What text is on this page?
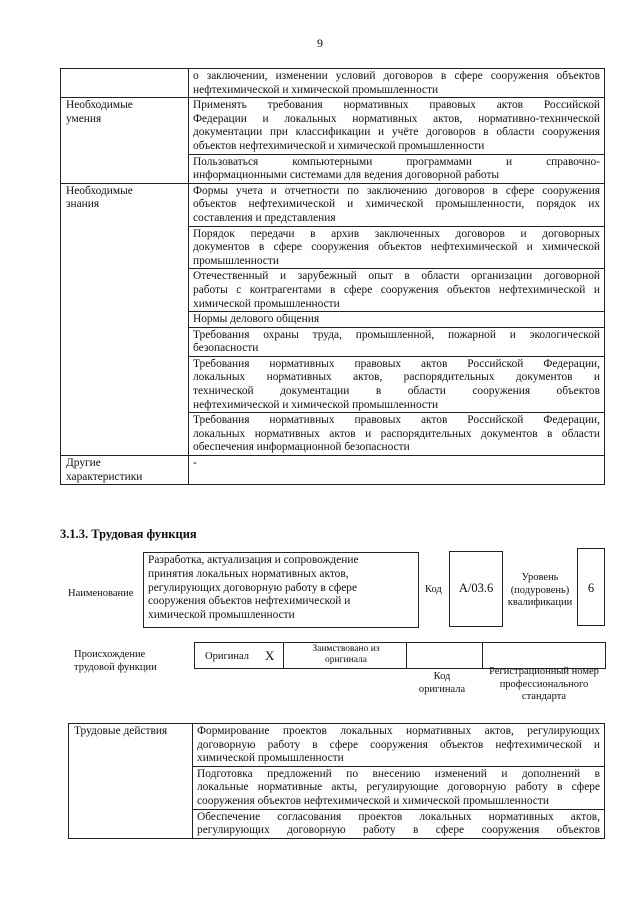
9

	о заключении, изменении условий договоров в сфере сооружения объектов
нефтехимической и химической промышленности

Необходимые
умения	Применять требования нормативных правовых актов Российской
Федерации и локальных нормативных актов, нормативно-технической
документации при классификации и учёте договоров в области сооружения
объектов нефтехимической и химической промышленности

	Пользоваться компьютерными программами и справочно-
информационными системами для ведения договорной работы

Необходимые
знания	Формы учета и отчетности по заключению договоров в сфере сооружения
объектов нефтехимической и химической промышленности, порядок их
составления и представления

	Порядок передачи в архив заключенных договоров и договорных
документов в сфере сооружения объектов нефтехимической и химической
промышленности

	Отечественный и зарубежный опыт в области организации договорной
работы с контрагентами в сфере сооружения объектов нефтехимической и
химической промышленности

	Нормы делового общения

	Требования охраны труда, промышленной, пожарной и экологической
безопасности

	Требования нормативных правовых актов Российской Федерации,
локальных нормативных актов, распорядительных документов и
технической документации в области сооружения объектов
нефтехимической и химической промышленности

	Требования нормативных правовых актов Российской Федерации,
локальных нормативных актов и распорядительных документов в области
обеспечения информационной безопасности

Другие
характеристики	-
3.1.3. Трудовая функция
Наименование
Разработка, актуализация и сопровождение
принятия локальных нормативных актов,
регулирующих договорную работу в сфере
сооружения объектов нефтехимической и
химической промышленности
Код	A/03.6
Уровень
(подуровень)
квалификации
6
Происхождение
трудовой функции
Оригинал X	Заимствовано из
оригинала
Код
оригинала
Регистрационный номер
профессионального
стандарта
Трудовые действия	Формирование проектов локальных нормативных актов, регулирующих
договорную работу в сфере сооружения объектов нефтехимической и
химической промышленности

Подготовка предложений по внесению изменений и дополнений в
локальные нормативные акты, регулирующие договорную работу в сфере
сооружения объектов нефтехимической и химической промышленности

Обеспечение согласования проектов локальных нормативных актов,
регулирующих договорную работу в сфере сооружения объектов
